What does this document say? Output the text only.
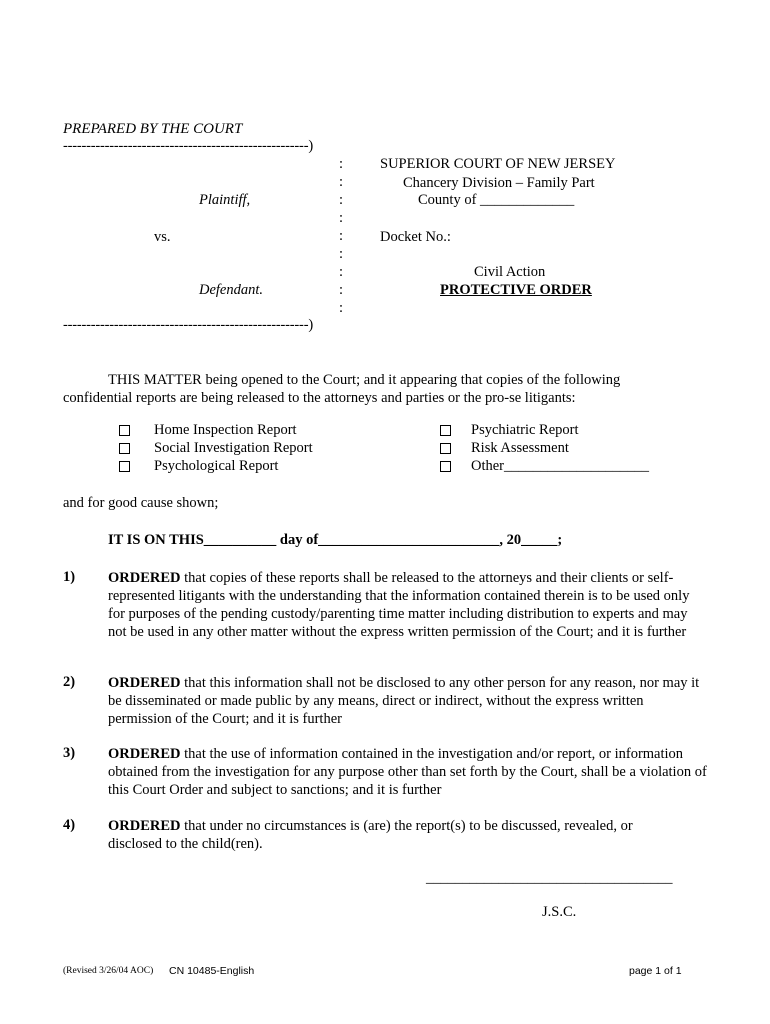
PREPARED BY THE COURT
-----------------------------------------------------)
-----------------------------------------------------)
Plaintiff,
vs.
Defendant.
:
:
:
:
:
:
:
:
:
SUPERIOR COURT OF NEW JERSEY
Chancery Division – Family Part
County of _____________
Docket No.:
Civil Action
PROTECTIVE ORDER
THIS MATTER being opened to the Court; and it appearing that copies of the following confidential reports are being released to the attorneys and parties or the pro-se litigants:
Home Inspection Report
Social Investigation Report
Psychological Report
Psychiatric Report
Risk Assessment
Other____________________
and for good cause shown;
IT IS ON THIS__________ day of_________________________, 20_____;
1) ORDERED that copies of these reports shall be released to the attorneys and their clients or self-represented litigants with the understanding that the information contained therein is to be used only for purposes of the pending custody/parenting time matter including distribution to experts and may not be used in any other matter without the express written permission of the Court; and it is further
2) ORDERED that this information shall not be disclosed to any other person for any reason, nor may it be disseminated or made public by any means, direct or indirect, without the express written permission of the Court; and it is further
3) ORDERED that the use of information contained in the investigation and/or report, or information obtained from the investigation for any purpose other than set forth by the Court, shall be a violation of this Court Order and subject to sanctions; and it is further
4) ORDERED that under no circumstances is (are) the report(s) to be discussed, revealed, or disclosed to the child(ren).
__________________________________
J.S.C.
(Revised 3/26/04 AOC) CN 10485-English	page 1 of 1
